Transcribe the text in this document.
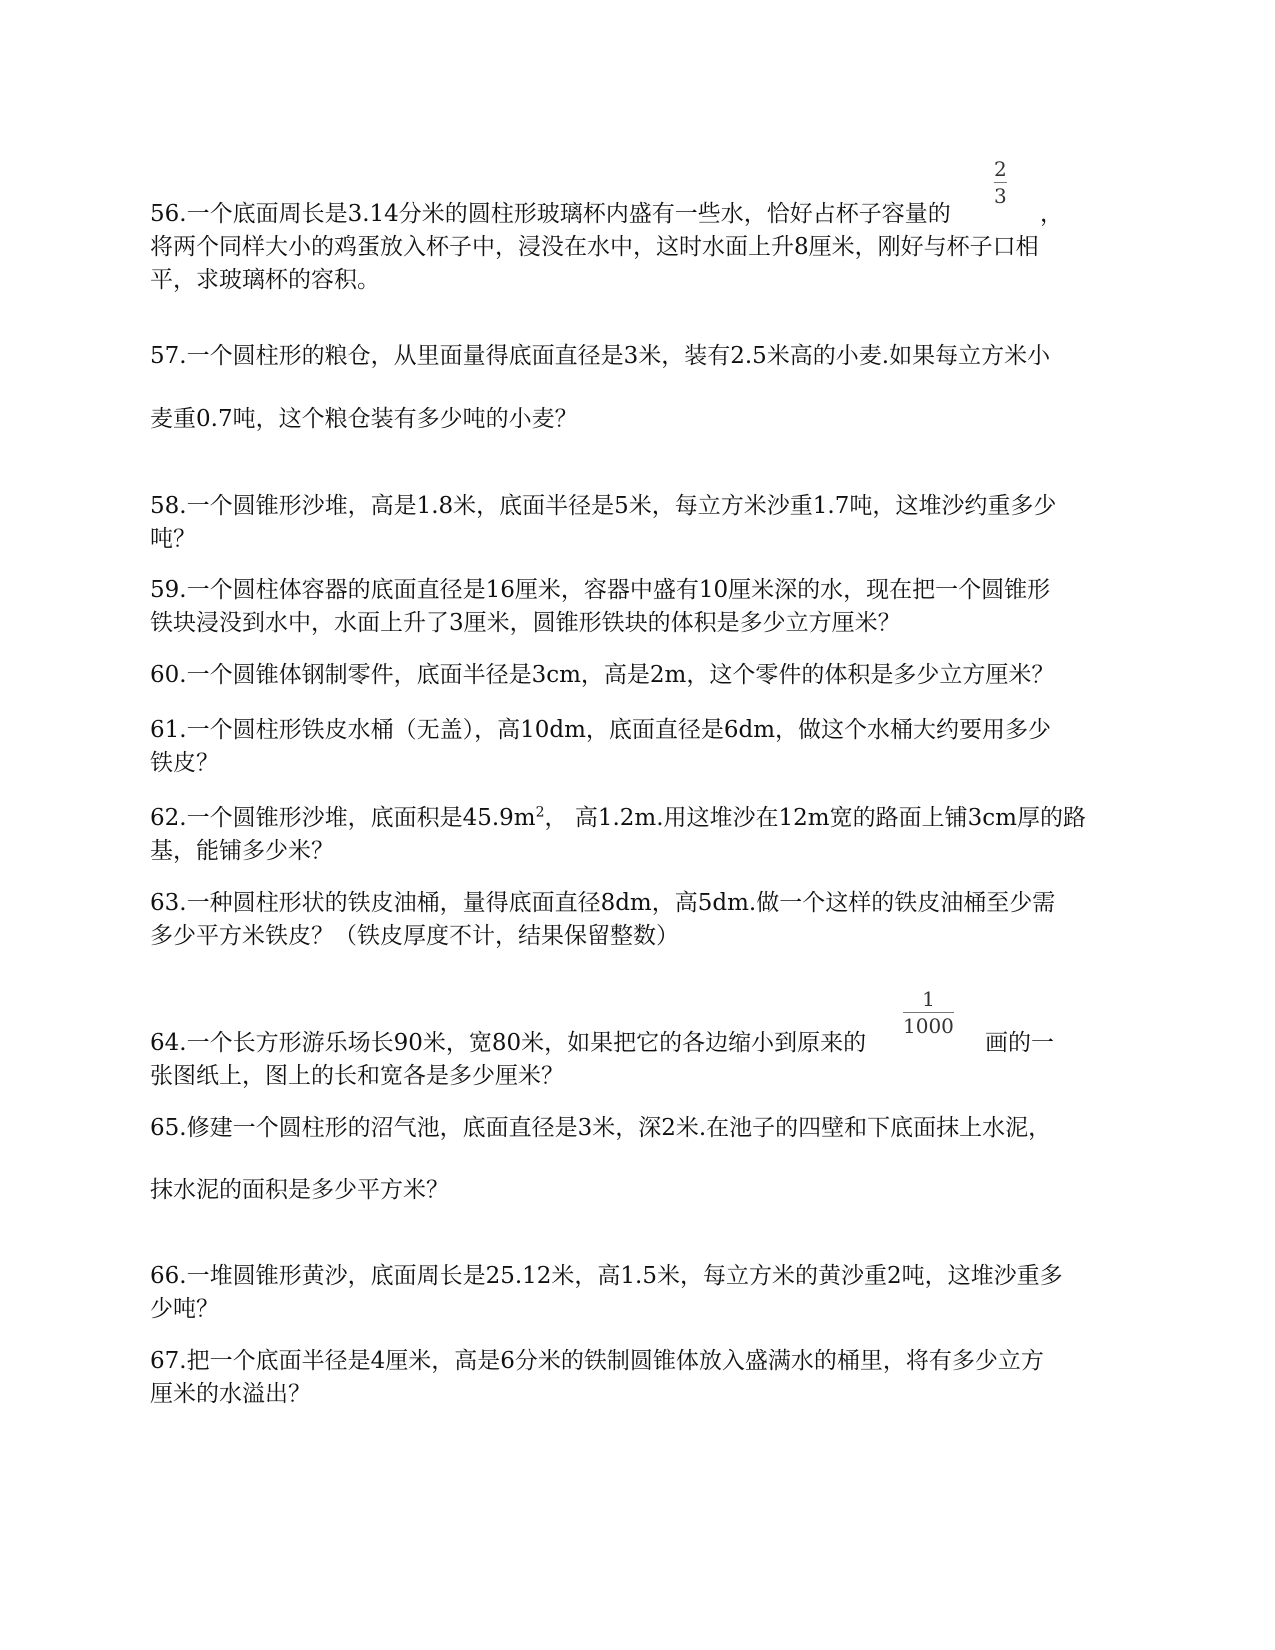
2
3
56.一个底面周长是3.14分米的圆柱形玻璃杯内盛有一些水，恰好占杯子容量的	，
将两个同样大小的鸡蛋放入杯子中，浸没在水中，这时水面上升8厘米，刚好与杯子口相
平，求玻璃杯的容积。
57.一个圆柱形的粮仓，从里面量得底面直径是3米，装有2.5米高的小麦.如果每立方米小
麦重0.7吨，这个粮仓装有多少吨的小麦？
58.一个圆锥形沙堆，高是1.8米，底面半径是5米，每立方米沙重1.7吨，这堆沙约重多少
吨？
59.一个圆柱体容器的底面直径是16厘米，容器中盛有10厘米深的水，现在把一个圆锥形
铁块浸没到水中，水面上升了3厘米，圆锥形铁块的体积是多少立方厘米？
60.一个圆锥体钢制零件，底面半径是3cm，高是2m，这个零件的体积是多少立方厘米？
61.一个圆柱形铁皮水桶（无盖），高10dm，底面直径是6dm，做这个水桶大约要用多少
铁皮？
62.一个圆锥形沙堆，底面积是$45.9m^2$， 高1.2m.用这堆沙在12m宽的路面上铺3cm厚的路
基，能铺多少米？
63.一种圆柱形状的铁皮油桶，量得底面直径8dm，高5dm.做一个这样的铁皮油桶至少需
多少平方米铁皮？（铁皮厚度不计，结果保留整数）
1
1000
64.一个长方形游乐场长90米，宽80米，如果把它的各边缩小到原来的	画的一
张图纸上，图上的长和宽各是多少厘米？
65.修建一个圆柱形的沼气池，底面直径是3米，深2米.在池子的四壁和下底面抹上水泥，
抹水泥的面积是多少平方米？
66.一堆圆锥形黄沙，底面周长是25.12米，高1.5米，每立方米的黄沙重2吨，这堆沙重多
少吨？
67.把一个底面半径是4厘米，高是6分米的铁制圆锥体放入盛满水的桶里，将有多少立方
厘米的水溢出？
